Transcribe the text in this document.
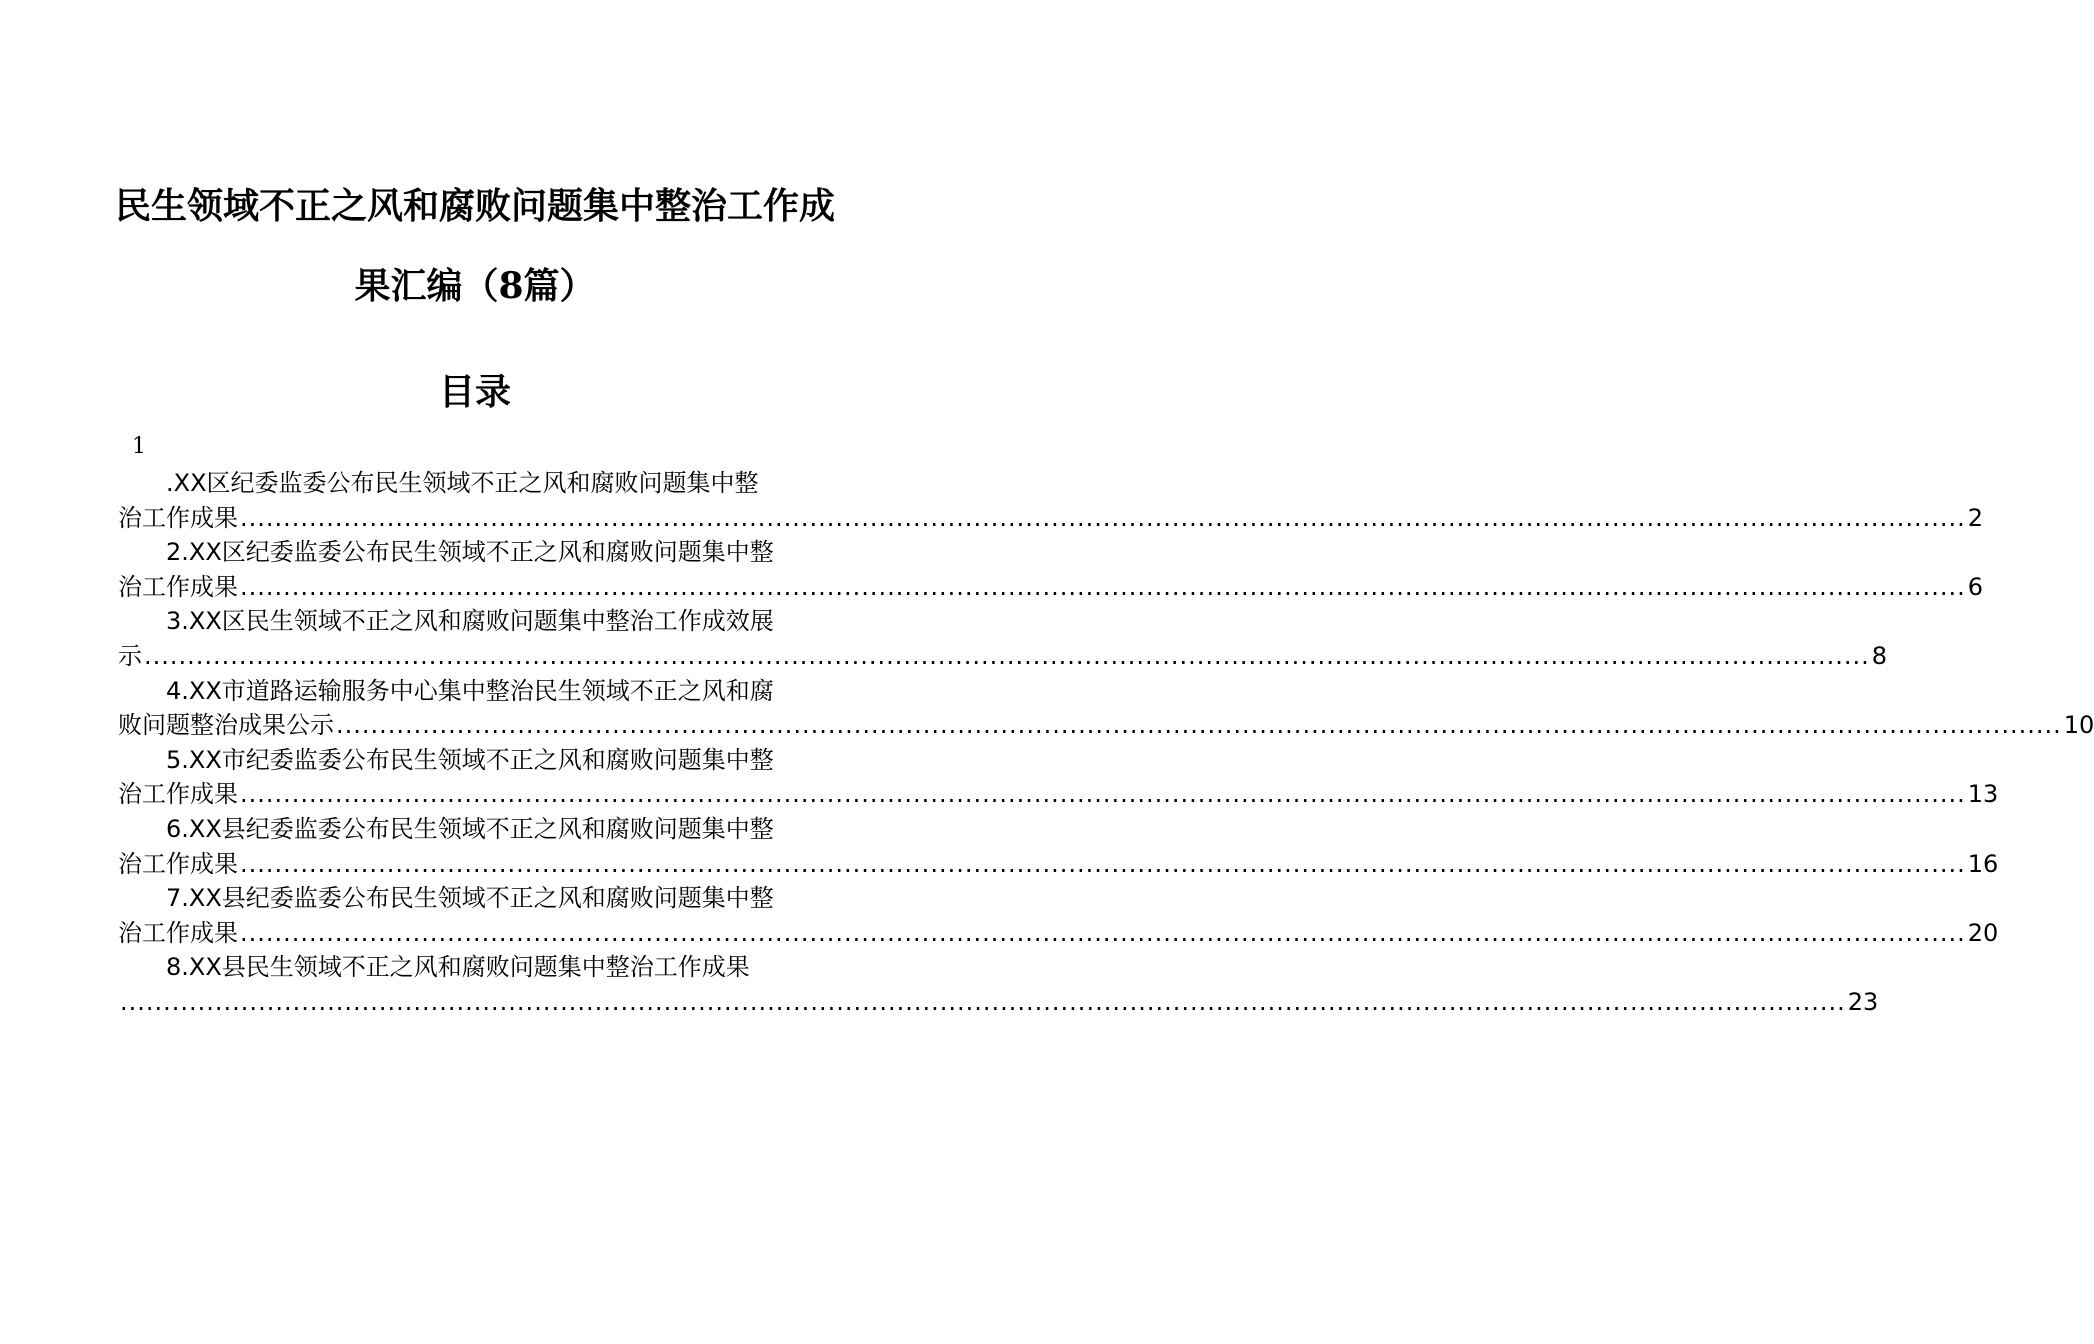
民生领域不正之风和腐败问题集中整治工作成
果汇编（8篇）
目录
1
.XX区纪委监委公布民生领域不正之风和腐败问题集中整
治工作成果 ........................................................................................................................................................................................................ 2
2.XX区纪委监委公布民生领域不正之风和腐败问题集中整
治工作成果 ........................................................................................................................................................................................................ 6
3.XX区民生领域不正之风和腐败问题集中整治工作成效展
示 ........................................................................................................................................................................................................ 8
4.XX市道路运输服务中心集中整治民生领域不正之风和腐
败问题整治成果公示 ........................................................................................................................................................................................................ 10
5.XX市纪委监委公布民生领域不正之风和腐败问题集中整
治工作成果 ........................................................................................................................................................................................................ 13
6.XX县纪委监委公布民生领域不正之风和腐败问题集中整
治工作成果 ........................................................................................................................................................................................................ 16
7.XX县纪委监委公布民生领域不正之风和腐败问题集中整
治工作成果 ........................................................................................................................................................................................................ 20
8.XX县民生领域不正之风和腐败问题集中整治工作成果
........................................................................................................................................................................................................ 23
